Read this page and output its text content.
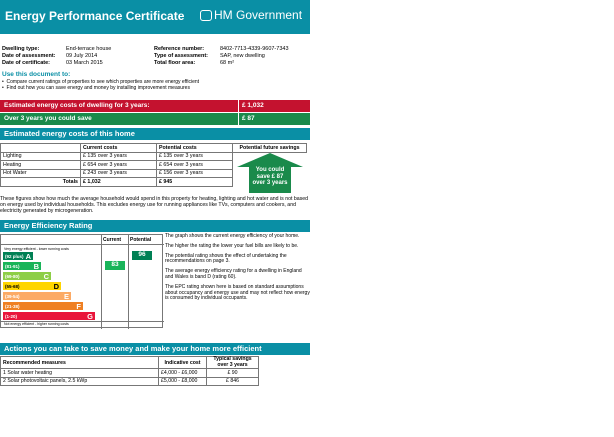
Energy Performance Certificate HM Government
Dwelling type:	End-terrace house
Date of assessment: 09 July 2014
Date of certificate:	03 March 2015
Reference number:	8402-7713-4339-9607-7343
Type of assessment: SAP, new dwelling
Total floor area:	68 m²
Use this document to:
•  Compare current ratings of properties to see which properties are more energy efficient
•  Find out how you can save energy and money by installing improvement measures
Estimated energy costs of dwelling for 3 years:	£ 1,032
Over 3 years you could save	£ 87
Estimated energy costs of this home
	Current costs	Potential costs	Potential future savings
Lighting	£ 135 over 3 years	£ 135 over 3 years	
Heating	£ 654 over 3 years	£ 654 over 3 years	
Hot Water	£ 243 over 3 years	£ 156 over 3 years	
Totals	£ 1,032	£ 945	
You could
save £ 87
over 3 years
These figures show how much the average household would spend in this property for heating, lighting and hot water and is not based on energy used by individual households. This excludes energy use for running appliances like TVs, computers and cookers, and electricity generated by microgeneration.
Energy Efficiency Rating
Current Potential
Very energy efficient - lower running costs
(92 plus) A
(81-91) B
(69-80)	C
(55-68)	D
(39-54)	E
(21-38)	F
(1-20)	G
Not energy efficient - higher running costs
83
96

The graph shows the current energy efficiency of your home.

The higher the rating the lower your fuel bills are likely to be.

The potential rating shows the effect of undertaking the recommendations on page 3.

The average energy efficiency rating for a dwelling in England and Wales is band D (rating 60).

The EPC rating shown here is based on standard assumptions about occupancy and energy use and may not reflect how energy is consumed by individual occupants.

Actions you can take to save money and make your home more efficient
Recommended measures	Indicative cost	Typical savings over 3 years
1 Solar water heating	£4,000 - £6,000	£ 90
2 Solar photovoltaic panels, 2.5 kWp	£5,000 - £8,000	£ 846
